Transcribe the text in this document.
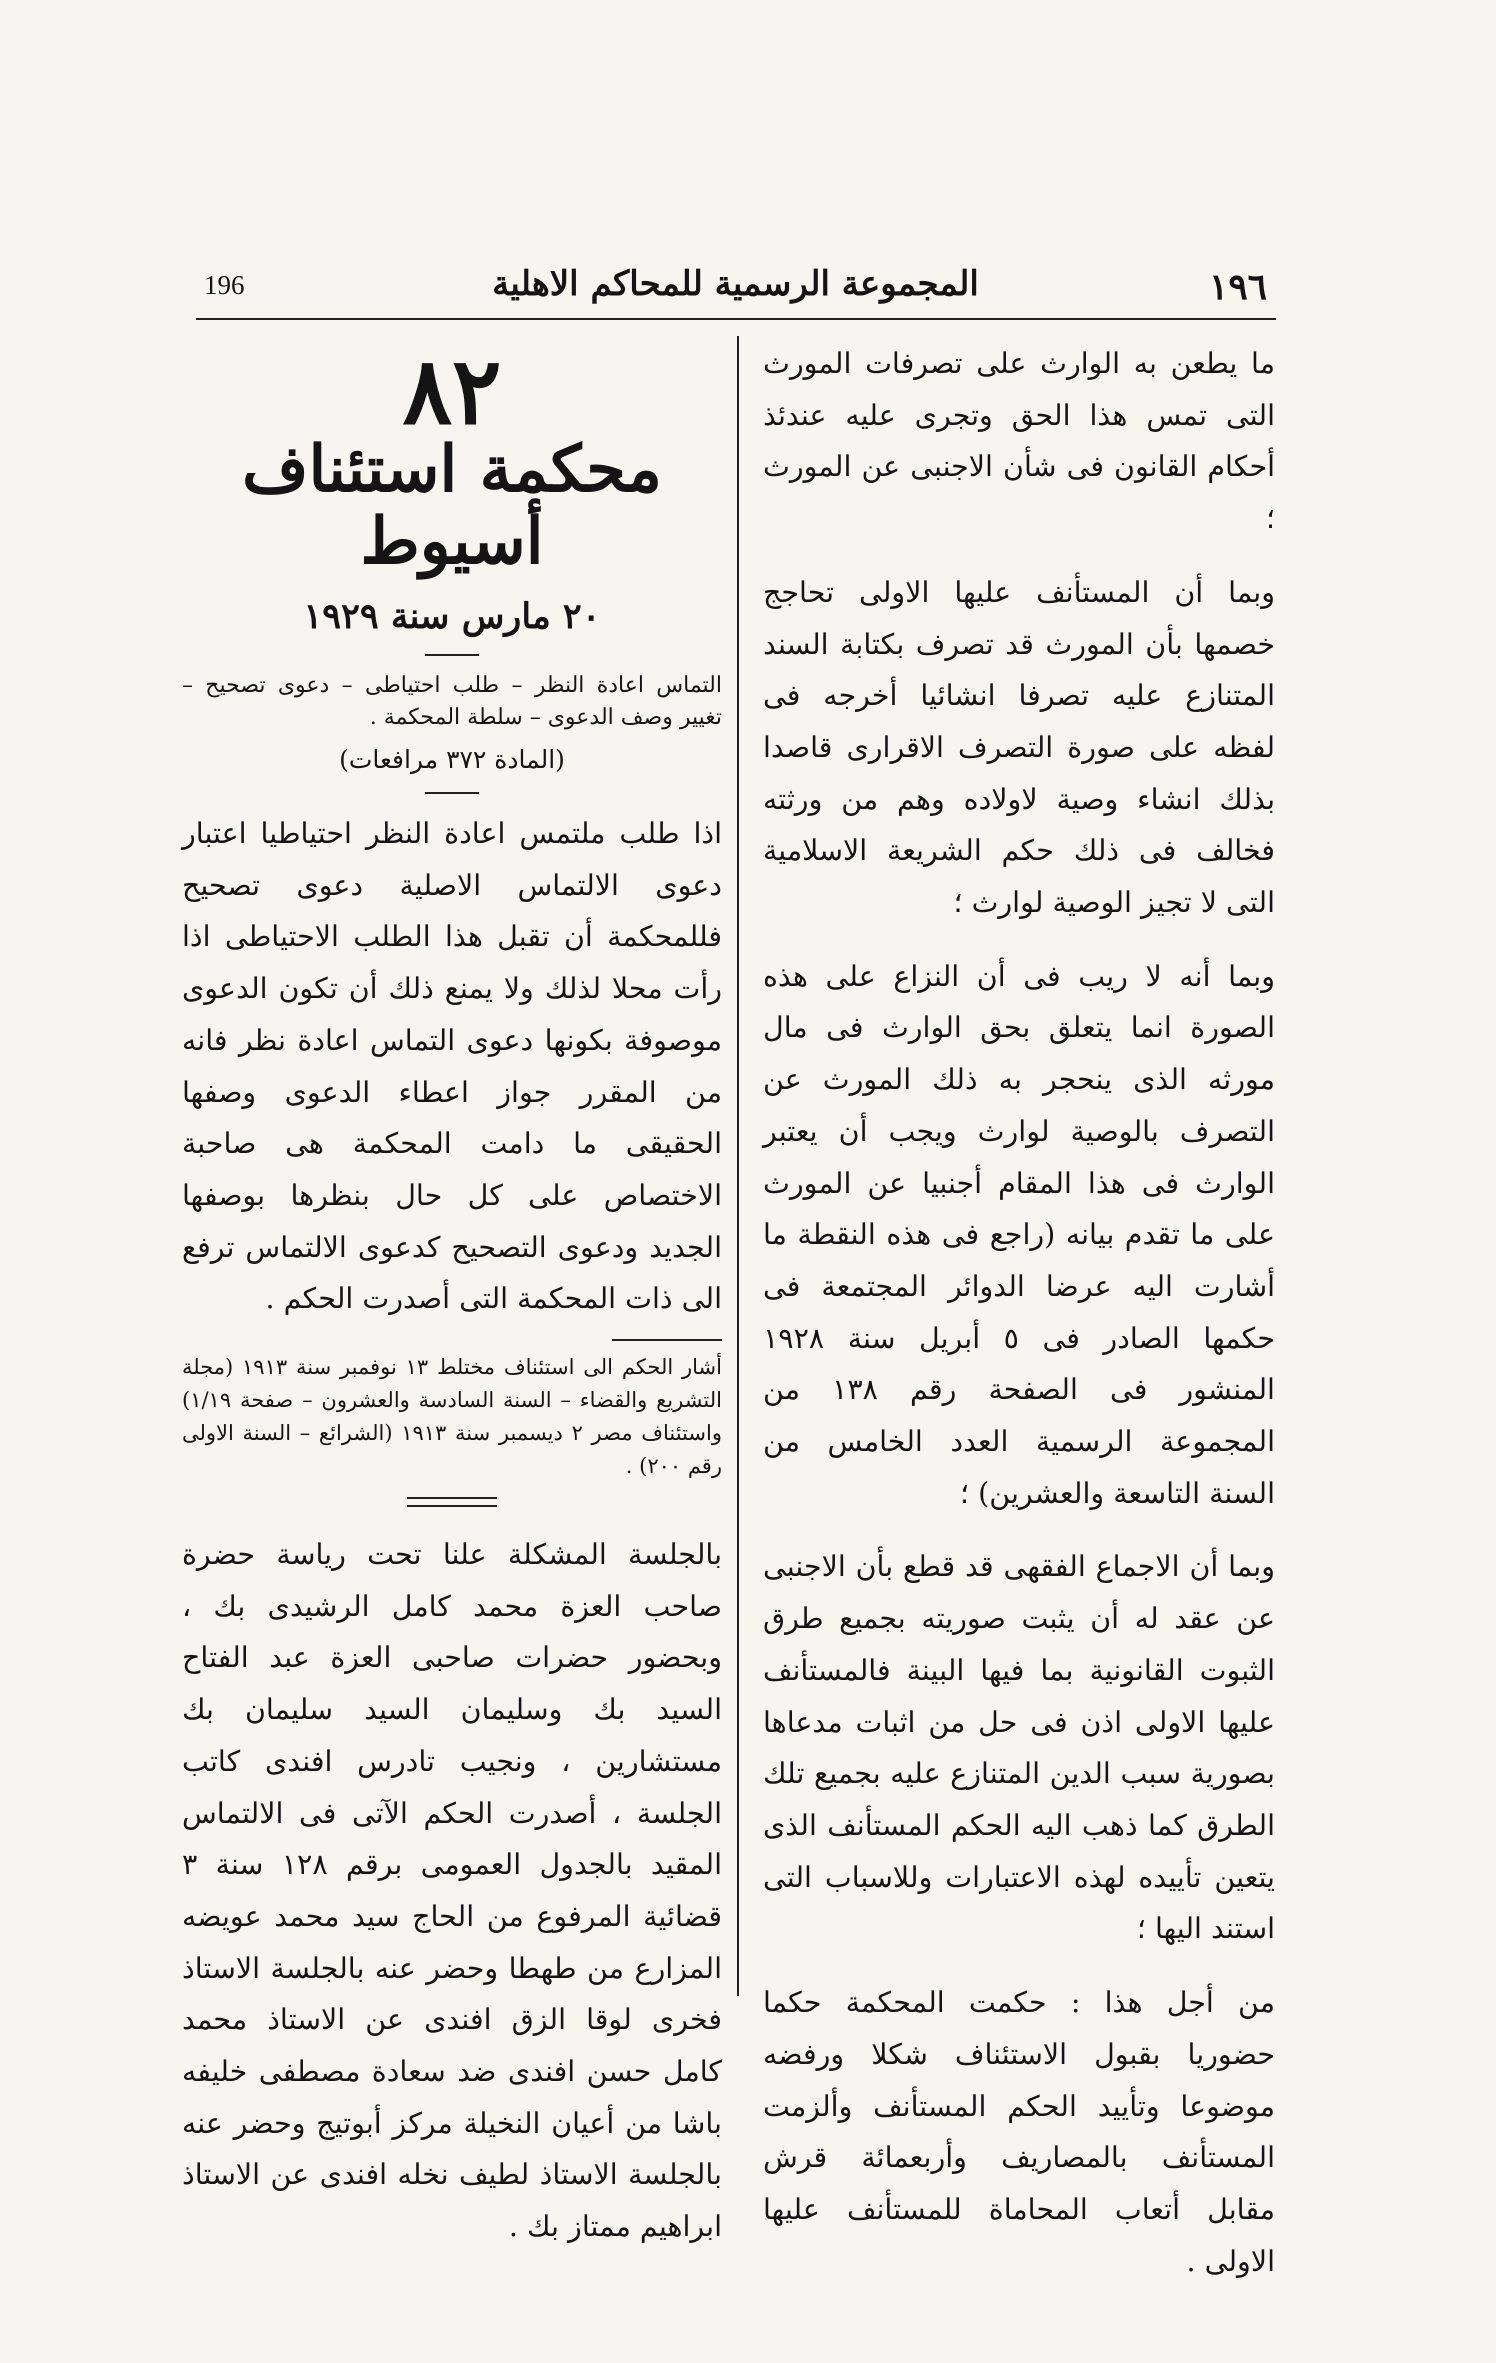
196	المجموعة الرسمية للمحاكم الاهلية	١٩٦

ما يطعن به الوارث على تصرفات المورث التى تمس هذا الحق وتجرى عليه عندئذ أحكام القانون فى شأن الاجنبى عن المورث ؛

وبما أن المستأنف عليها الاولى تحاجج خصمها بأن المورث قد تصرف بكتابة السند المتنازع عليه تصرفا انشائيا أخرجه فى لفظه على صورة التصرف الاقرارى قاصدا بذلك انشاء وصية لاولاده وهم من ورثته فخالف فى ذلك حكم الشريعة الاسلامية التى لا تجيز الوصية لوارث ؛

وبما أنه لا ريب فى أن النزاع على هذه الصورة انما يتعلق بحق الوارث فى مال مورثه الذى ينحجر به ذلك المورث عن التصرف بالوصية لوارث ويجب أن يعتبر الوارث فى هذا المقام أجنبيا عن المورث على ما تقدم بيانه (راجع فى هذه النقطة ما أشارت اليه عرضا الدوائر المجتمعة فى حكمها الصادر فى ٥ أبريل سنة ١٩٢٨ المنشور فى الصفحة رقم ١٣٨ من المجموعة الرسمية العدد الخامس من السنة التاسعة والعشرين) ؛

وبما أن الاجماع الفقهى قد قطع بأن الاجنبى عن عقد له أن يثبت صوريته بجميع طرق الثبوت القانونية بما فيها البينة فالمستأنف عليها الاولى اذن فى حل من اثبات مدعاها بصورية سبب الدين المتنازع عليه بجميع تلك الطرق كما ذهب اليه الحكم المستأنف الذى يتعين تأييده لهذه الاعتبارات وللاسباب التى استند اليها ؛

من أجل هذا : حكمت المحكمة حكما حضوريا بقبول الاستئناف شكلا ورفضه موضوعا وتأييد الحكم المستأنف وألزمت المستأنف بالمصاريف وأربعمائة قرش مقابل أتعاب المحاماة للمستأنف عليها الاولى .

٨٢
محكمة استئناف أسيوط
٢٠ مارس سنة ١٩٢٩

التماس اعادة النظر – طلب احتياطى – دعوى تصحيح – تغيير وصف الدعوى – سلطة المحكمة .

(المادة ٣٧٢ مرافعات)

اذا طلب ملتمس اعادة النظر احتياطيا اعتبار دعوى الالتماس الاصلية دعوى تصحيح فللمحكمة أن تقبل هذا الطلب الاحتياطى اذا رأت محلا لذلك ولا يمنع ذلك أن تكون الدعوى موصوفة بكونها دعوى التماس اعادة نظر فانه من المقرر جواز اعطاء الدعوى وصفها الحقيقى ما دامت المحكمة هى صاحبة الاختصاص على كل حال بنظرها بوصفها الجديد ودعوى التصحيح كدعوى الالتماس ترفع الى ذات المحكمة التى أصدرت الحكم .

أشار الحكم الى استئناف مختلط ١٣ نوفمبر سنة ١٩١٣ (مجلة التشريع والقضاء – السنة السادسة والعشرون – صفحة ١/١٩) واستئناف مصر ٢ ديسمبر سنة ١٩١٣ (الشرائع – السنة الاولى رقم ٢٠٠) .

بالجلسة المشكلة علنا تحت رياسة حضرة صاحب العزة محمد كامل الرشيدى بك ، وبحضور حضرات صاحبى العزة عبد الفتاح السيد بك وسليمان السيد سليمان بك مستشارين ، ونجيب تادرس افندى كاتب الجلسة ، أصدرت الحكم الآتى فى الالتماس المقيد بالجدول العمومى برقم ١٢٨ سنة ٣ قضائية المرفوع من الحاج سيد محمد عويضه المزارع من طهطا وحضر عنه بالجلسة الاستاذ فخرى لوقا الزق افندى عن الاستاذ محمد كامل حسن افندى ضد سعادة مصطفى خليفه باشا من أعيان النخيلة مركز أبوتيج وحضر عنه بالجلسة الاستاذ لطيف نخله افندى عن الاستاذ ابراهيم ممتاز بك .
